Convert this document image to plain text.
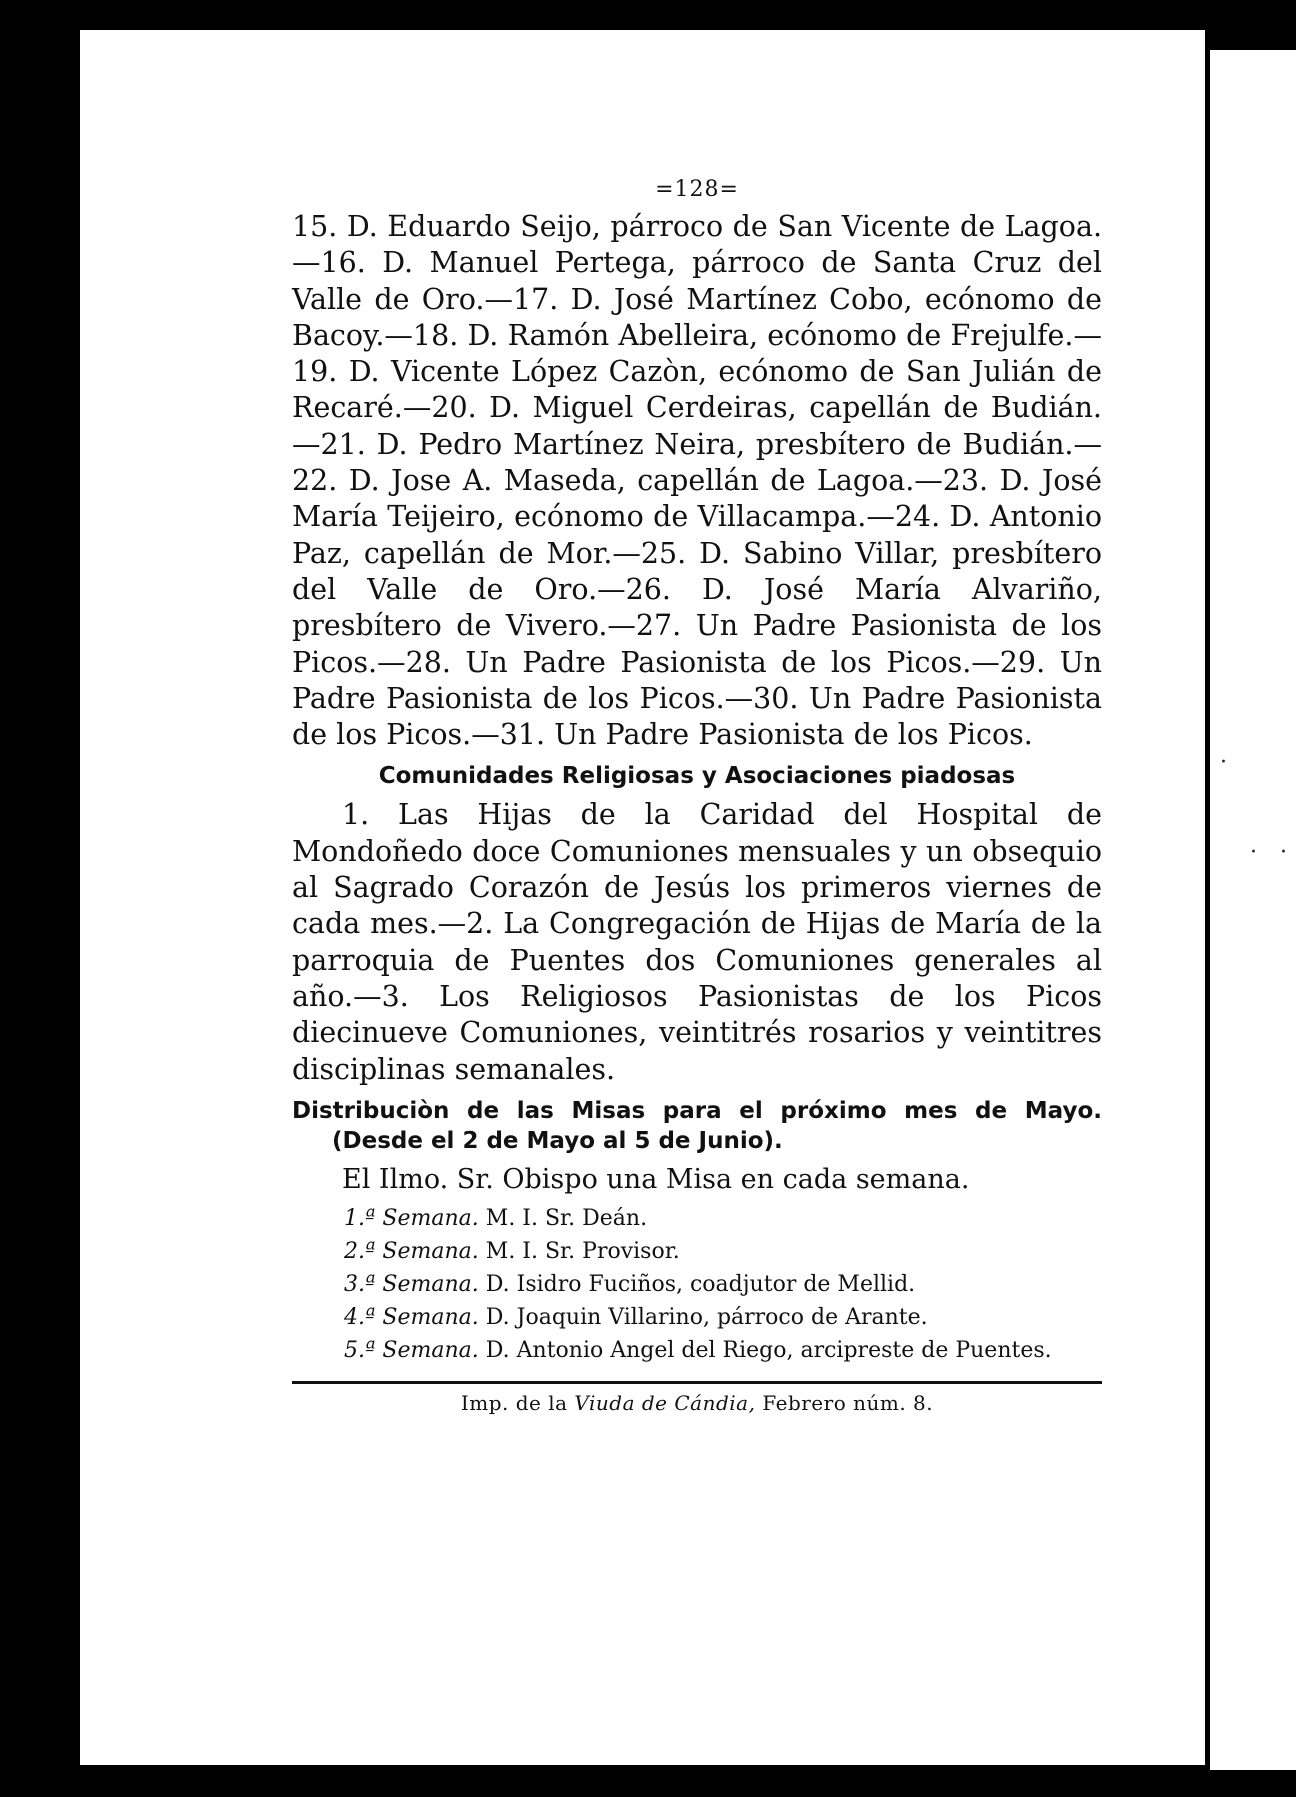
·
· ·
=128=

15. D. Eduardo Seijo, párroco de San Vicente de Lagoa.—16. D. Manuel Pertega, párroco de Santa Cruz del Valle de Oro.—17. D. José Martínez Cobo, ecónomo de Bacoy.—18. D. Ramón Abelleira, ecónomo de Frejulfe.—19. D. Vicente López Cazòn, ecónomo de San Julián de Recaré.—20. D. Miguel Cerdeiras, capellán de Budián.—21. D. Pedro Martínez Neira, presbítero de Budián.—22. D. Jose A. Maseda, capellán de Lagoa.—23. D. José María Teijeiro, ecónomo de Villacampa.—24. D. Antonio Paz, capellán de Mor.—25. D. Sabino Villar, presbítero del Valle de Oro.—26. D. José María Alvariño, presbítero de Vivero.—27. Un Padre Pasionista de los Picos.—28. Un Padre Pasionista de los Picos.—29. Un Padre Pasionista de los Picos.—30. Un Padre Pasionista de los Picos.—31. Un Padre Pasionista de los Picos.

Comunidades Religiosas y Asociaciones piadosas

1. Las Hijas de la Caridad del Hospital de Mondoñedo doce Comuniones mensuales y un obsequio al Sagrado Corazón de Jesús los primeros viernes de cada mes.—2. La Congregación de Hijas de María de la parroquia de Puentes dos Comuniones generales al año.—3. Los Religiosos Pasionistas de los Picos diecinueve Comuniones, veintitrés rosarios y veintitres disciplinas semanales.

Distribuciòn de las Misas para el próximo mes de Mayo. (Desde el 2 de Mayo al 5 de Junio).

El Ilmo. Sr. Obispo una Misa en cada semana.

1.ª Semana. M. I. Sr. Deán.
2.ª Semana. M. I. Sr. Provisor.
3.ª Semana. D. Isidro Fuciños, coadjutor de Mellid.
4.ª Semana. D. Joaquin Villarino, párroco de Arante.
5.ª Semana. D. Antonio Angel del Riego, arcipreste de Puentes.
Imp. de la Viuda de Cándia, Febrero núm. 8.
